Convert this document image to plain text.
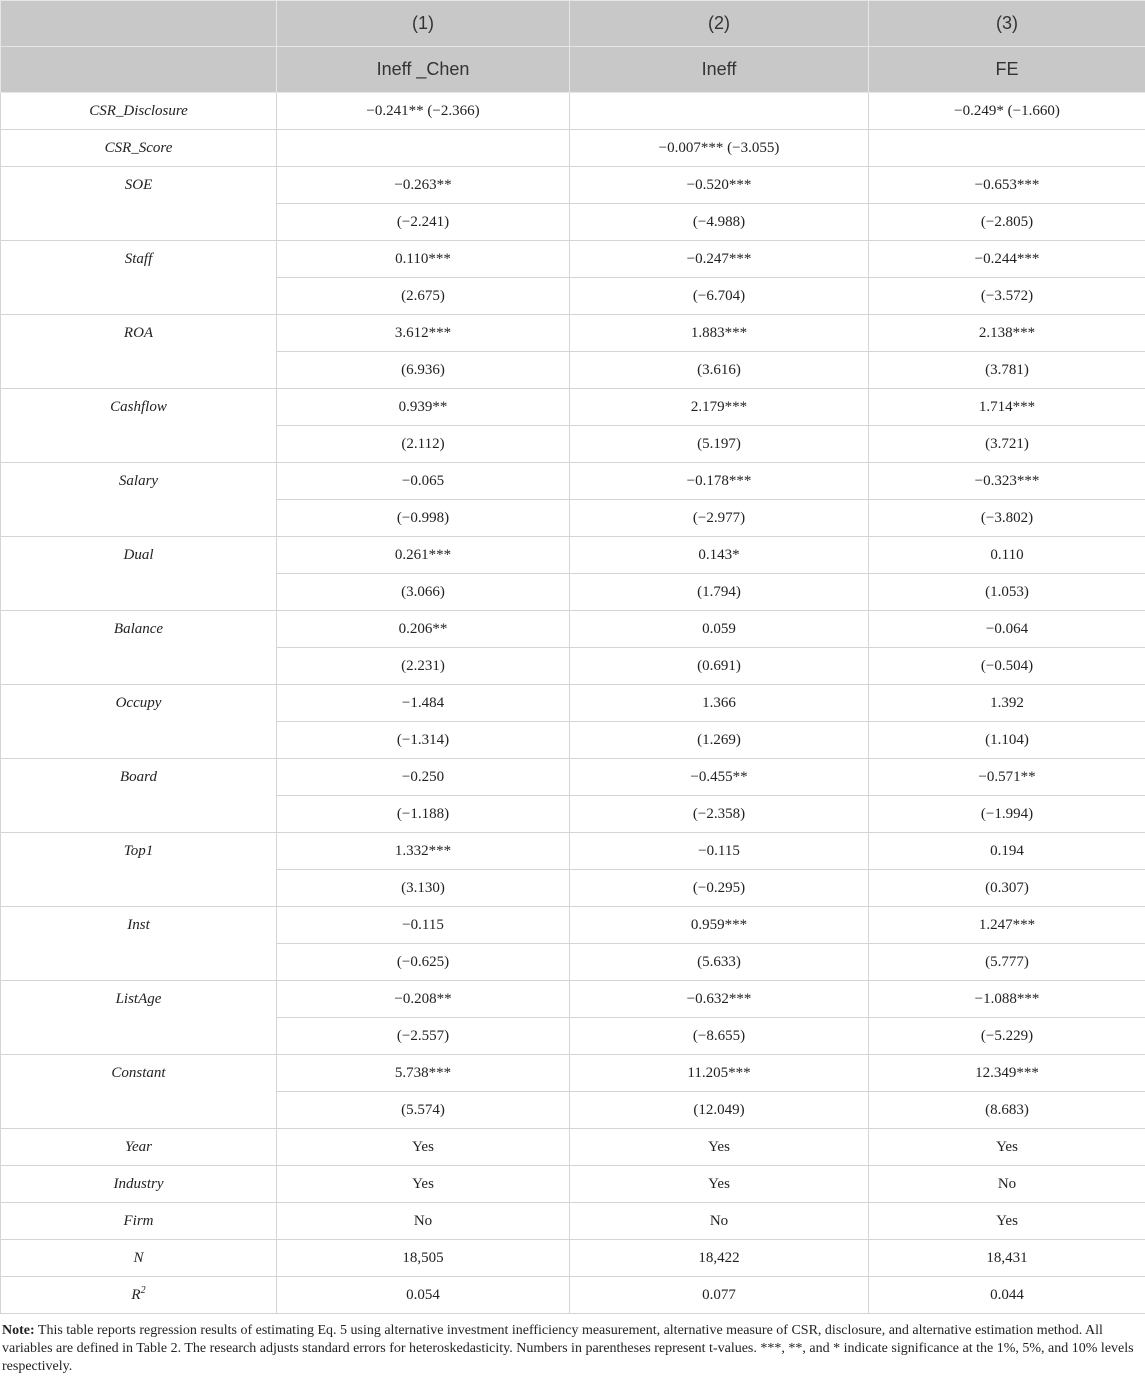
	(1)	(2)	(3)
	Ineff _Chen	Ineff	FE
CSR_Disclosure	−0.241** (−2.366)		−0.249* (−1.660)
CSR_Score		−0.007*** (−3.055)	
SOE	−0.263**	−0.520***	−0.653***
	(−2.241)	(−4.988)	(−2.805)
Staff	0.110***	−0.247***	−0.244***
	(2.675)	(−6.704)	(−3.572)
ROA	3.612***	1.883***	2.138***
	(6.936)	(3.616)	(3.781)
Cashflow	0.939**	2.179***	1.714***
	(2.112)	(5.197)	(3.721)
Salary	−0.065	−0.178***	−0.323***
	(−0.998)	(−2.977)	(−3.802)
Dual	0.261***	0.143*	0.110
	(3.066)	(1.794)	(1.053)
Balance	0.206**	0.059	−0.064
	(2.231)	(0.691)	(−0.504)
Occupy	−1.484	1.366	1.392
	(−1.314)	(1.269)	(1.104)
Board	−0.250	−0.455**	−0.571**
	(−1.188)	(−2.358)	(−1.994)
Top1	1.332***	−0.115	0.194
	(3.130)	(−0.295)	(0.307)
Inst	−0.115	0.959***	1.247***
	(−0.625)	(5.633)	(5.777)
ListAge	−0.208**	−0.632***	−1.088***
	(−2.557)	(−8.655)	(−5.229)
Constant	5.738***	11.205***	12.349***
	(5.574)	(12.049)	(8.683)
Year	Yes	Yes	Yes
Industry	Yes	Yes	No
Firm	No	No	Yes
N	18,505	18,422	18,431
$R^2$	0.054	0.077	0.044
Note: This table reports regression results of estimating Eq. 5 using alternative investment inefficiency measurement, alternative measure of CSR, disclosure, and alternative estimation method. All variables are defined in Table 2. The research adjusts standard errors for heteroskedasticity. Numbers in parentheses represent t-values. ***, **, and * indicate significance at the 1%, 5%, and 10% levels respectively.
